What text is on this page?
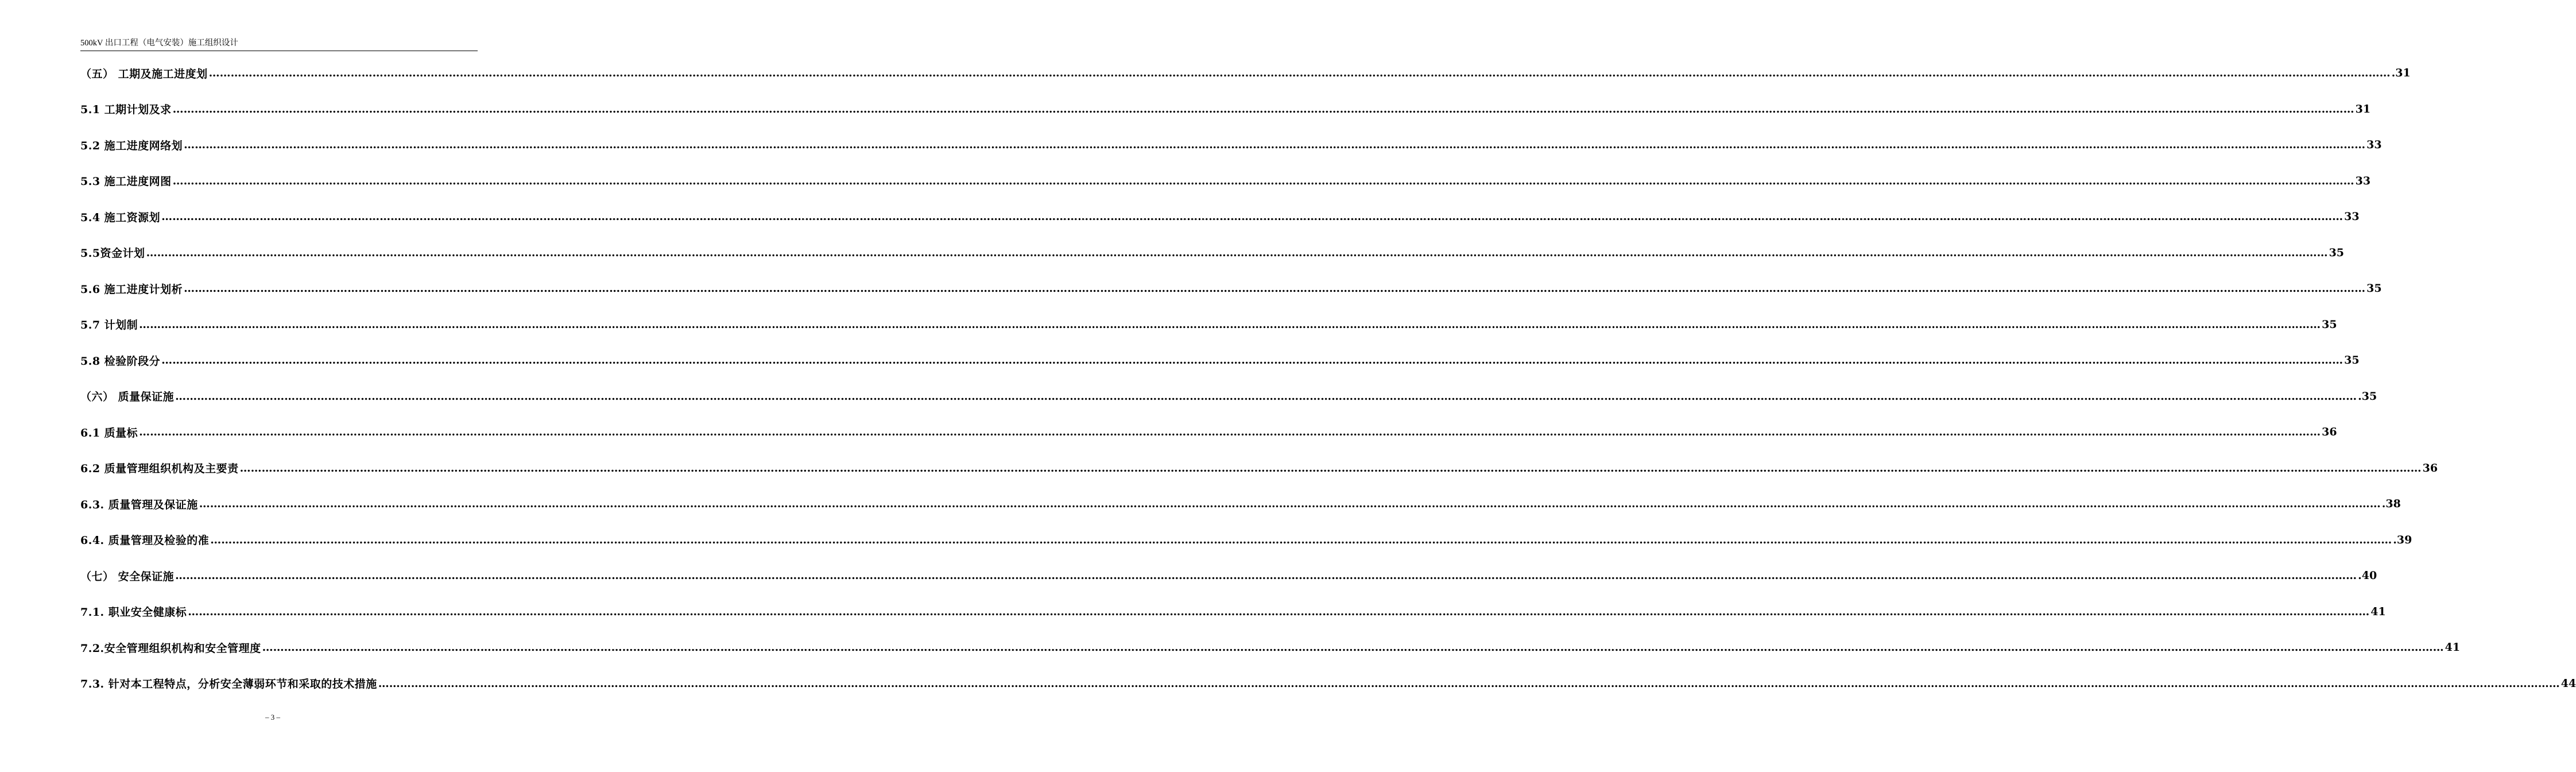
500kV 出口工程（电气安装）施工组织设计
（五） 工期及施工进度划 …………………………………………………………………………………………………………………………………………………………………………………………………………………………………………………………………………………………………………………………………………………………………………………………………………………………………………………………………………………………………………………………………………………… .31
5.1 工期计划及求 …………………………………………………………………………………………………………………………………………………………………………………………………………………………………………………………………………………………………………………………………………………………………………………………………………………………………………………………………………………………………………………………………………………… 31
5.2 施工进度网络划 …………………………………………………………………………………………………………………………………………………………………………………………………………………………………………………………………………………………………………………………………………………………………………………………………………………………………………………………………………………………………………………………………………………… 33
5.3 施工进度网图 …………………………………………………………………………………………………………………………………………………………………………………………………………………………………………………………………………………………………………………………………………………………………………………………………………………………………………………………………………………………………………………………………………………… 33
5.4 施工资源划 …………………………………………………………………………………………………………………………………………………………………………………………………………………………………………………………………………………………………………………………………………………………………………………………………………………………………………………………………………………………………………………………………………………… 33
5.5资金计划 …………………………………………………………………………………………………………………………………………………………………………………………………………………………………………………………………………………………………………………………………………………………………………………………………………………………………………………………………………………………………………………………………………………… 35
5.6 施工进度计划析 …………………………………………………………………………………………………………………………………………………………………………………………………………………………………………………………………………………………………………………………………………………………………………………………………………………………………………………………………………………………………………………………………………………… 35
5.7 计划制 …………………………………………………………………………………………………………………………………………………………………………………………………………………………………………………………………………………………………………………………………………………………………………………………………………………………………………………………………………………………………………………………………………………… 35
5.8 检验阶段分 …………………………………………………………………………………………………………………………………………………………………………………………………………………………………………………………………………………………………………………………………………………………………………………………………………………………………………………………………………………………………………………………………………………… 35
（六） 质量保证施 …………………………………………………………………………………………………………………………………………………………………………………………………………………………………………………………………………………………………………………………………………………………………………………………………………………………………………………………………………………………………………………………………………………… .35
6.1 质量标 …………………………………………………………………………………………………………………………………………………………………………………………………………………………………………………………………………………………………………………………………………………………………………………………………………………………………………………………………………………………………………………………………………………… 36
6.2 质量管理组织机构及主要责 …………………………………………………………………………………………………………………………………………………………………………………………………………………………………………………………………………………………………………………………………………………………………………………………………………………………………………………………………………………………………………………………………………………… 36
6.3. 质量管理及保证施 …………………………………………………………………………………………………………………………………………………………………………………………………………………………………………………………………………………………………………………………………………………………………………………………………………………………………………………………………………………………………………………………………………………… .38
6.4. 质量管理及检验的准 …………………………………………………………………………………………………………………………………………………………………………………………………………………………………………………………………………………………………………………………………………………………………………………………………………………………………………………………………………………………………………………………………………………… .39
（七） 安全保证施 …………………………………………………………………………………………………………………………………………………………………………………………………………………………………………………………………………………………………………………………………………………………………………………………………………………………………………………………………………………………………………………………………………………… .40
7.1. 职业安全健康标 …………………………………………………………………………………………………………………………………………………………………………………………………………………………………………………………………………………………………………………………………………………………………………………………………………………………………………………………………………………………………………………………………………………… 41
7.2.安全管理组织机构和安全管理度 …………………………………………………………………………………………………………………………………………………………………………………………………………………………………………………………………………………………………………………………………………………………………………………………………………………………………………………………………………………………………………………………………………………… 41
7.3. 针对本工程特点，分析安全薄弱环节和采取的技术措施 …………………………………………………………………………………………………………………………………………………………………………………………………………………………………………………………………………………………………………………………………………………………………………………………………………………………………………………………………………………………………………………………………………………… 44
– 3 –
